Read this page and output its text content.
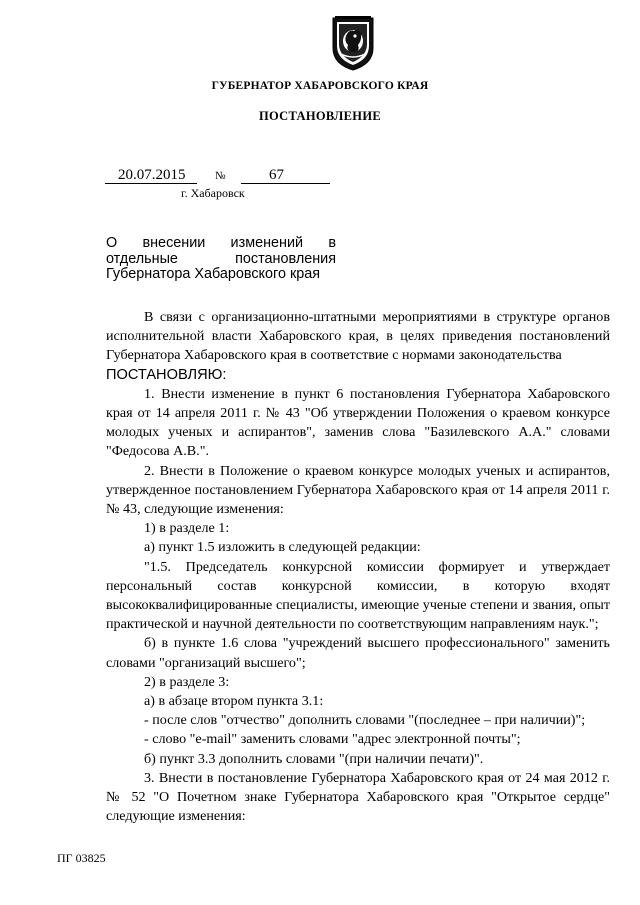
ГУБЕРНАТОР ХАБАРОВСКОГО КРАЯ
ПОСТАНОВЛЕНИЕ
20.07.2015	№	67
г. Хабаровск
О внесении изменений в отдельные постановления Губернатора Хабаровского края

В связи с организационно-штатными мероприятиями в структуре органов исполнительной власти Хабаровского края, в целях приведения постановлений Губернатора Хабаровского края в соответствие с нормами законодательства

ПОСТАНОВЛЯЮ:

1. Внести изменение в пункт 6 постановления Губернатора Хабаровского края от 14 апреля 2011 г. № 43 "Об утверждении Положения о краевом конкурсе молодых ученых и аспирантов", заменив слова "Базилевского А.А." словами "Федосова А.В.".

2. Внести в Положение о краевом конкурсе молодых ученых и аспирантов, утвержденное постановлением Губернатора Хабаровского края от 14 апреля 2011 г. № 43, следующие изменения:

1) в разделе 1:

а) пункт 1.5 изложить в следующей редакции:

"1.5. Председатель конкурсной комиссии формирует и утверждает персональный состав конкурсной комиссии, в которую входят высококвалифицированные специалисты, имеющие ученые степени и звания, опыт практической и научной деятельности по соответствующим направлениям наук.";

б) в пункте 1.6 слова "учреждений высшего профессионального" заменить словами "организаций высшего";

2) в разделе 3:

а) в абзаце втором пункта 3.1:

- после слов "отчество" дополнить словами "(последнее – при наличии)";

- слово "e-mail" заменить словами "адрес электронной почты";

б) пункт 3.3 дополнить словами "(при наличии печати)".

3. Внести в постановление Губернатора Хабаровского края от 24 мая 2012 г. № 52 "О Почетном знаке Губернатора Хабаровского края "Открытое сердце" следующие изменения:

ПГ 03825
